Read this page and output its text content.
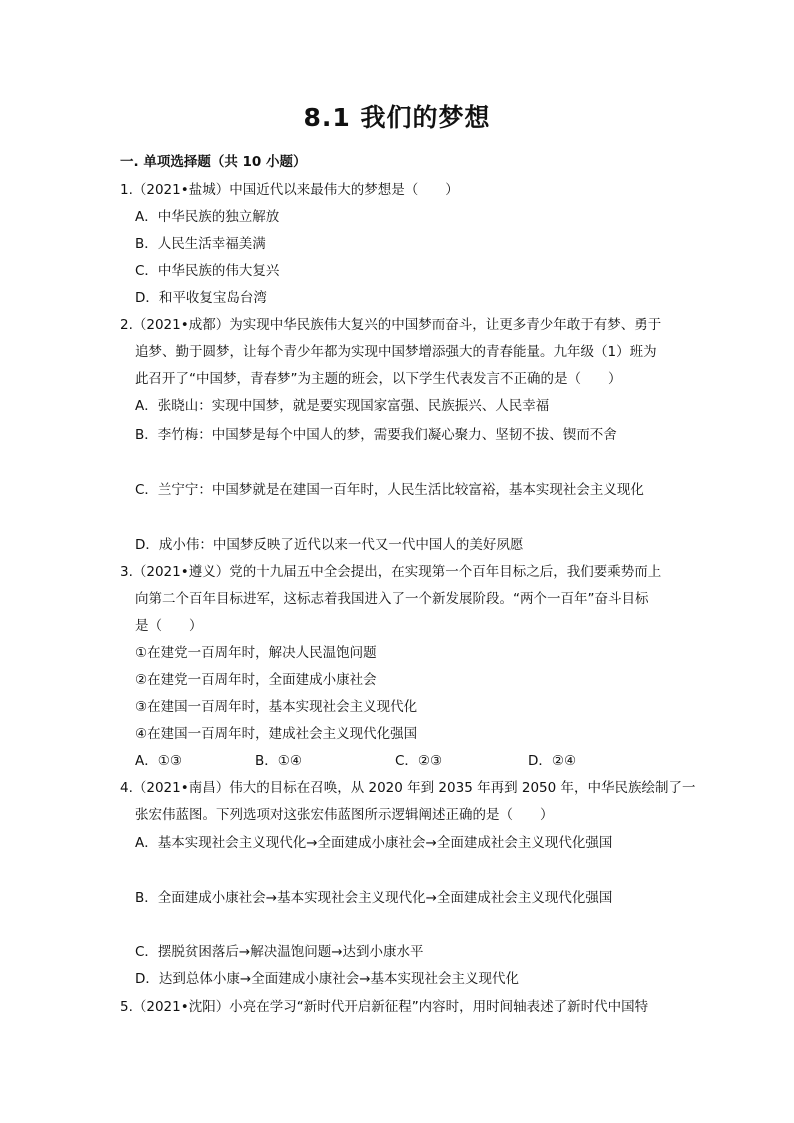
8.1 我们的梦想
一. 单项选择题（共 10 小题）
1.（2021•盐城）中国近代以来最伟大的梦想是（　　）
A．中华民族的独立解放
B．人民生活幸福美满
C．中华民族的伟大复兴
D．和平收复宝岛台湾
2.（2021•成都）为实现中华民族伟大复兴的中国梦而奋斗，让更多青少年敢于有梦、勇于
追梦、勤于圆梦，让每个青少年都为实现中国梦增添强大的青春能量。九年级（1）班为
此召开了“中国梦，青春梦”为主题的班会，以下学生代表发言不正确的是（　　）
A．张晓山：实现中国梦，就是要实现国家富强、民族振兴、人民幸福
B．李竹梅：中国梦是每个中国人的梦，需要我们凝心聚力、坚韧不拔、锲而不舍
C．兰宁宁：中国梦就是在建国一百年时，人民生活比较富裕，基本实现社会主义现化
D．成小伟：中国梦反映了近代以来一代又一代中国人的美好夙愿
3.（2021•遵义）党的十九届五中全会提出，在实现第一个百年目标之后，我们要乘势而上
向第二个百年目标进军，这标志着我国进入了一个新发展阶段。“两个一百年”奋斗目标
是（　　）
①在建党一百周年时，解决人民温饱问题
②在建党一百周年时，全面建成小康社会
③在建国一百周年时，基本实现社会主义现代化
④在建国一百周年时，建成社会主义现代化强国
A．①③	B．①④	C．②③	D．②④
4.（2021•南昌）伟大的目标在召唤，从 2020 年到 2035 年再到 2050 年，中华民族绘制了一
张宏伟蓝图。下列选项对这张宏伟蓝图所示逻辑阐述正确的是（　　）
A．基本实现社会主义现代化→全面建成小康社会→全面建成社会主义现代化强国
B．全面建成小康社会→基本实现社会主义现代化→全面建成社会主义现代化强国
C．摆脱贫困落后→解决温饱问题→达到小康水平
D．达到总体小康→全面建成小康社会→基本实现社会主义现代化
5.（2021•沈阳）小亮在学习“新时代开启新征程”内容时，用时间轴表述了新时代中国特
